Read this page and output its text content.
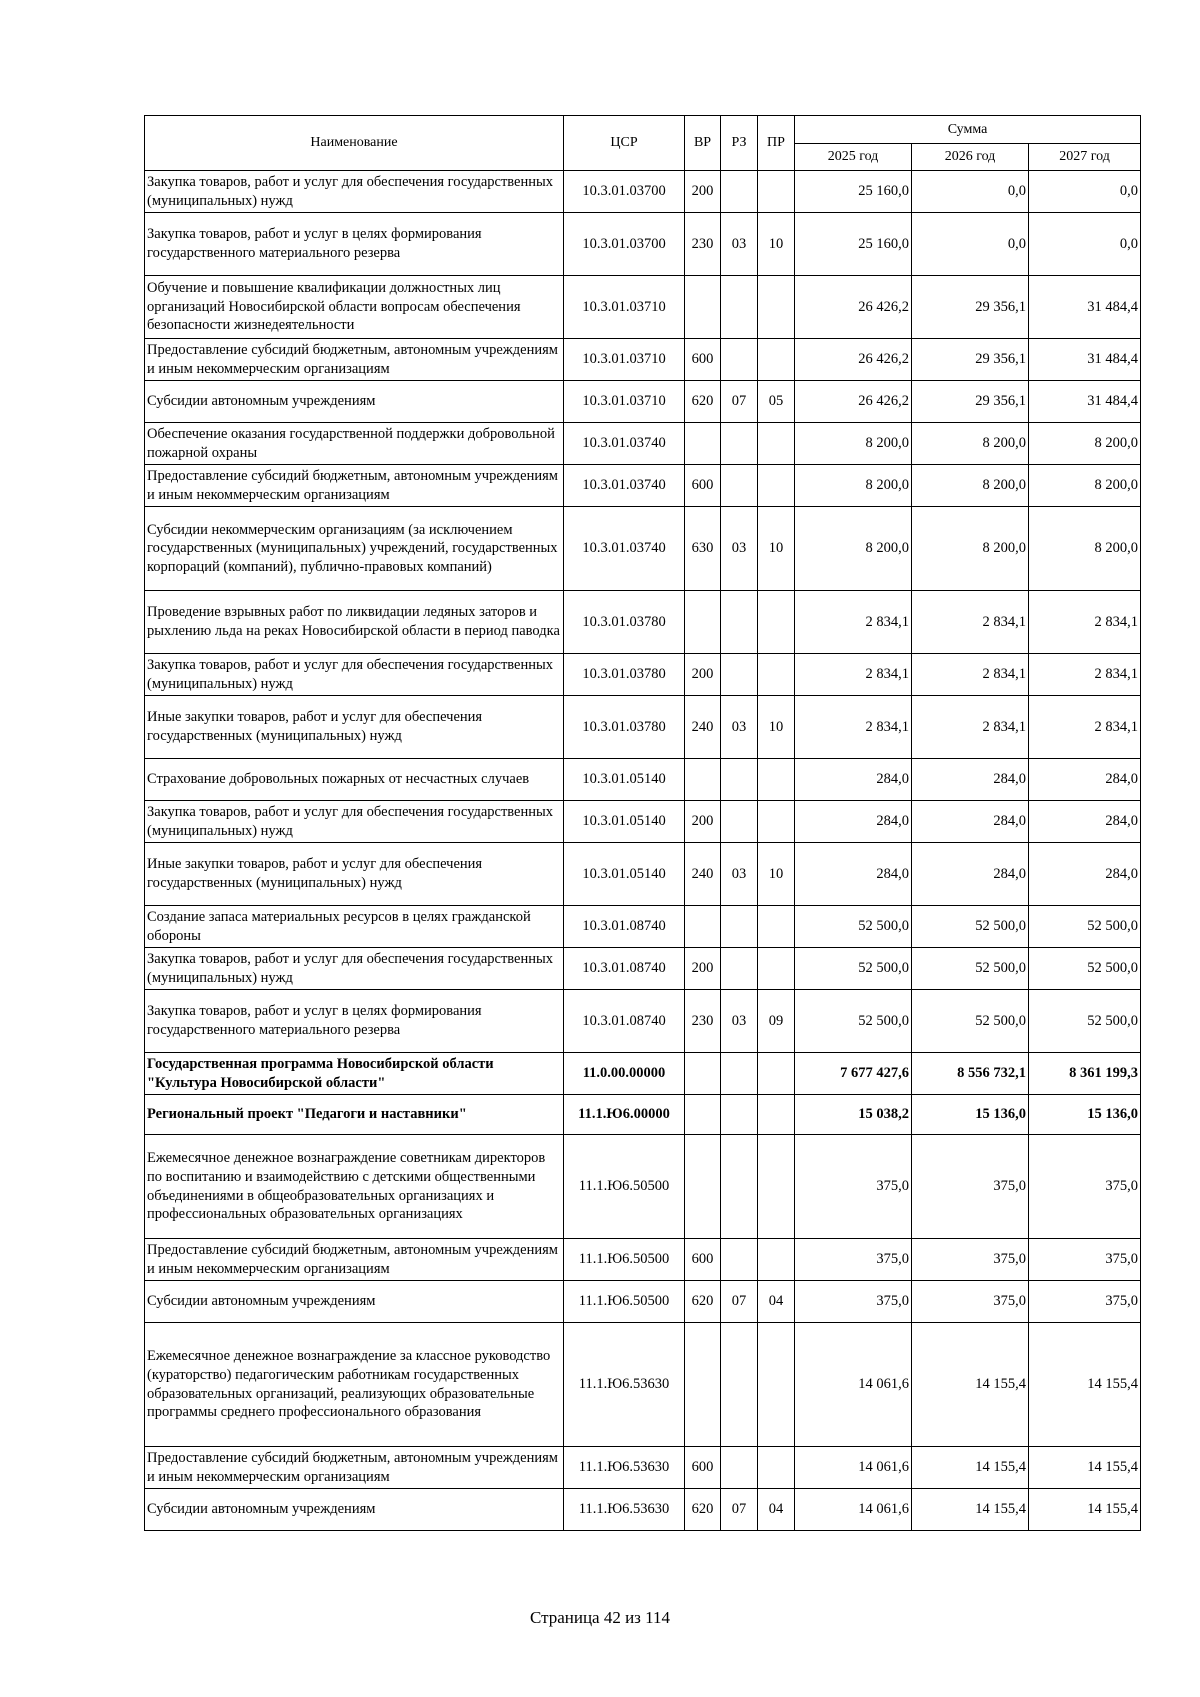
Наименование	ЦСР	ВР	РЗ	ПР	Сумма		
					2025 год	2026 год	2027 год
Закупка товаров, работ и услуг для обеспечения государственных (муниципальных) нужд	10.3.01.03700	200			25 160,0	0,0	0,0
Закупка товаров, работ и услуг в целях формирования государственного материального резерва	10.3.01.03700	230	03	10	25 160,0	0,0	0,0
Обучение и повышение квалификации должностных лиц организаций Новосибирской области вопросам обеспечения безопасности жизнедеятельности	10.3.01.03710				26 426,2	29 356,1	31 484,4
Предоставление субсидий бюджетным, автономным учреждениям и иным некоммерческим организациям	10.3.01.03710	600			26 426,2	29 356,1	31 484,4
Субсидии автономным учреждениям	10.3.01.03710	620	07	05	26 426,2	29 356,1	31 484,4
Обеспечение оказания государственной поддержки добровольной пожарной охраны	10.3.01.03740				8 200,0	8 200,0	8 200,0
Предоставление субсидий бюджетным, автономным учреждениям и иным некоммерческим организациям	10.3.01.03740	600			8 200,0	8 200,0	8 200,0
Субсидии некоммерческим организациям (за исключением государственных (муниципальных) учреждений, государственных корпораций (компаний), публично-правовых компаний)	10.3.01.03740	630	03	10	8 200,0	8 200,0	8 200,0
Проведение взрывных работ по ликвидации ледяных заторов и рыхлению льда на реках Новосибирской области в период паводка	10.3.01.03780				2 834,1	2 834,1	2 834,1
Закупка товаров, работ и услуг для обеспечения государственных (муниципальных) нужд	10.3.01.03780	200			2 834,1	2 834,1	2 834,1
Иные закупки товаров, работ и услуг для обеспечения государственных (муниципальных) нужд	10.3.01.03780	240	03	10	2 834,1	2 834,1	2 834,1
Страхование добровольных пожарных от несчастных случаев	10.3.01.05140				284,0	284,0	284,0
Закупка товаров, работ и услуг для обеспечения государственных (муниципальных) нужд	10.3.01.05140	200			284,0	284,0	284,0
Иные закупки товаров, работ и услуг для обеспечения государственных (муниципальных) нужд	10.3.01.05140	240	03	10	284,0	284,0	284,0
Создание запаса материальных ресурсов в целях гражданской обороны	10.3.01.08740				52 500,0	52 500,0	52 500,0
Закупка товаров, работ и услуг для обеспечения государственных (муниципальных) нужд	10.3.01.08740	200			52 500,0	52 500,0	52 500,0
Закупка товаров, работ и услуг в целях формирования государственного материального резерва	10.3.01.08740	230	03	09	52 500,0	52 500,0	52 500,0
Государственная программа Новосибирской области "Культура Новосибирской области"	11.0.00.00000				7 677 427,6	8 556 732,1	8 361 199,3
Региональный проект "Педагоги и наставники"	11.1.Ю6.00000				15 038,2	15 136,0	15 136,0
Ежемесячное денежное вознаграждение советникам директоров по воспитанию и взаимодействию с детскими общественными объединениями в общеобразовательных организациях и профессиональных образовательных организациях	11.1.Ю6.50500				375,0	375,0	375,0
Предоставление субсидий бюджетным, автономным учреждениям и иным некоммерческим организациям	11.1.Ю6.50500	600			375,0	375,0	375,0
Субсидии автономным учреждениям	11.1.Ю6.50500	620	07	04	375,0	375,0	375,0
Ежемесячное денежное вознаграждение за классное руководство (кураторство) педагогическим работникам государственных образовательных организаций, реализующих образовательные программы среднего профессионального образования	11.1.Ю6.53630				14 061,6	14 155,4	14 155,4
Предоставление субсидий бюджетным, автономным учреждениям и иным некоммерческим организациям	11.1.Ю6.53630	600			14 061,6	14 155,4	14 155,4
Субсидии автономным учреждениям	11.1.Ю6.53630	620	07	04	14 061,6	14 155,4	14 155,4
Страница 42 из 114
